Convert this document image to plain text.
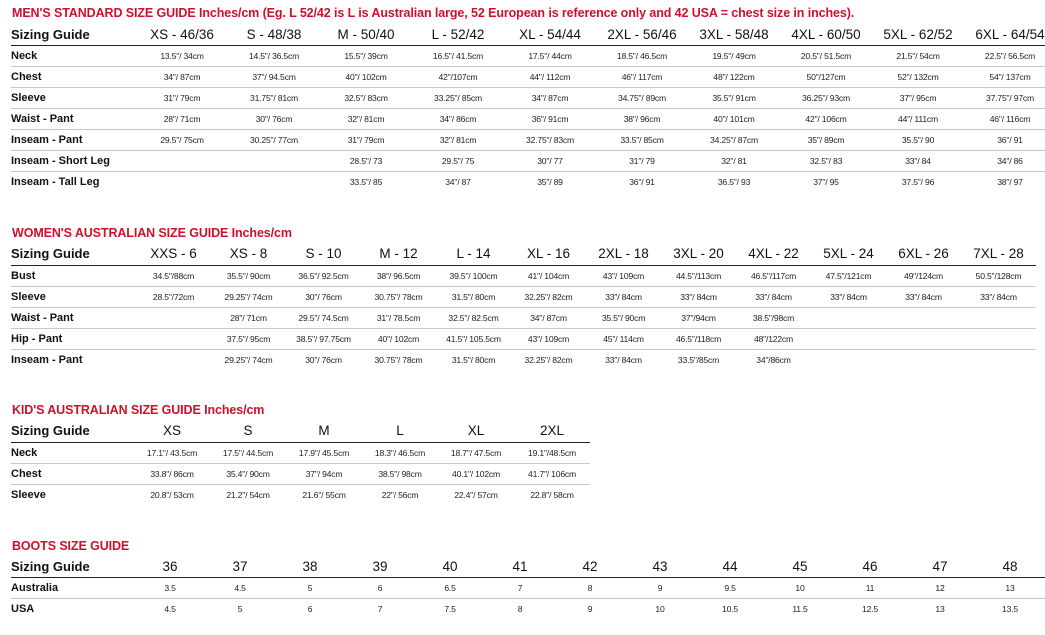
MEN'S STANDARD SIZE GUIDE Inches/cm (Eg. L 52/42 is L is Australian large, 52 European is reference only and 42 USA = chest size in inches).
Sizing Guide	XS - 46/36	S - 48/38	M - 50/40	L - 52/42	XL - 54/44	2XL - 56/46	3XL - 58/48	4XL - 60/50	5XL - 62/52	6XL - 64/54
Neck	13.5"/ 34cm	14.5"/ 36.5cm	15.5"/ 39cm	16.5"/ 41.5cm	17.5"/ 44cm	18.5"/ 46.5cm	19.5"/ 49cm	20.5"/ 51.5cm	21.5"/ 54cm	22.5"/ 56.5cm
Chest	34"/ 87cm	37"/ 94.5cm	40"/ 102cm	42"/107cm	44"/ 112cm	46"/ 117cm	48"/ 122cm	50"/127cm	52"/ 132cm	54"/ 137cm
Sleeve	31"/ 79cm	31.75"/ 81cm	32.5"/ 83cm	33.25"/ 85cm	34"/ 87cm	34.75"/ 89cm	35.5"/ 91cm	36.25"/ 93cm	37"/ 95cm	37.75"/ 97cm
Waist - Pant	28"/ 71cm	30"/ 76cm	32"/ 81cm	34"/ 86cm	36"/ 91cm	38"/ 96cm	40"/ 101cm	42"/ 106cm	44"/ 111cm	46"/ 116cm
Inseam - Pant	29.5"/ 75cm	30.25"/ 77cm	31"/ 79cm	32"/ 81cm	32.75"/ 83cm	33.5"/ 85cm	34.25"/ 87cm	35"/ 89cm	35.5"/ 90	36"/ 91
Inseam - Short Leg			28.5"/ 73	29.5"/ 75	30"/ 77	31"/ 79	32"/ 81	32.5"/ 83	33"/ 84	34"/ 86
Inseam - Tall Leg			33.5"/ 85	34"/ 87	35"/ 89	36"/ 91	36.5"/ 93	37"/ 95	37.5"/ 96	38"/ 97
WOMEN'S AUSTRALIAN SIZE GUIDE Inches/cm
Sizing Guide	XXS - 6	XS - 8	S - 10	M - 12	L - 14	XL - 16	2XL - 18	3XL - 20	4XL - 22	5XL - 24	6XL - 26	7XL - 28
Bust	34.5"/88cm	35.5"/ 90cm	36.5"/ 92.5cm	38"/ 96.5cm	39.5"/ 100cm	41"/ 104cm	43"/ 109cm	44.5"/113cm	46.5"/117cm	47.5"/121cm	49"/124cm	50.5"/128cm
Sleeve	28.5"/72cm	29.25"/ 74cm	30"/ 76cm	30.75"/ 78cm	31.5"/ 80cm	32.25"/ 82cm	33"/ 84cm	33"/ 84cm	33"/ 84cm	33"/ 84cm	33"/ 84cm	33"/ 84cm
Waist - Pant		28"/ 71cm	29.5"/ 74.5cm	31"/ 78.5cm	32.5"/ 82.5cm	34"/ 87cm	35.5"/ 90cm	37"/94cm	38.5"/98cm			
Hip - Pant		37.5"/ 95cm	38.5"/ 97.75cm	40"/ 102cm	41.5"/ 105.5cm	43"/ 109cm	45"/ 114cm	46.5"/118cm	48"/122cm			
Inseam - Pant		29.25"/ 74cm	30"/ 76cm	30.75"/ 78cm	31.5"/ 80cm	32.25"/ 82cm	33"/ 84cm	33.5"/85cm	34"/86cm			
KID'S AUSTRALIAN SIZE GUIDE Inches/cm
Sizing Guide	XS	S	M	L	XL	2XL
Neck	17.1"/ 43.5cm	17.5"/ 44.5cm	17.9"/ 45.5cm	18.3"/ 46.5cm	18.7"/ 47.5cm	19.1"/48.5cm
Chest	33.8"/ 86cm	35.4"/ 90cm	37"/ 94cm	38.5"/ 98cm	40.1"/ 102cm	41.7"/ 106cm
Sleeve	20.8"/ 53cm	21.2"/ 54cm	21.6"/ 55cm	22"/ 56cm	22.4"/ 57cm	22.8"/ 58cm
BOOTS SIZE GUIDE
Sizing Guide	36	37	38	39	40	41	42	43	44	45	46	47	48
Australia	3.5	4.5	5	6	6.5	7	8	9	9.5	10	11	12	13
USA	4.5	5	6	7	7.5	8	9	10	10.5	11.5	12.5	13	13.5
